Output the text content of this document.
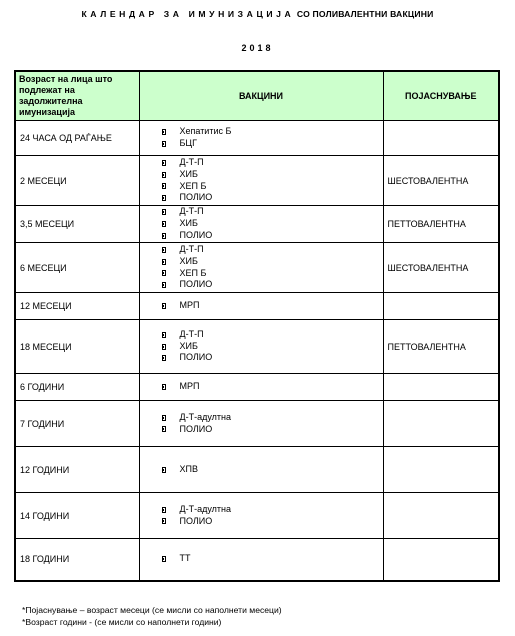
КАЛЕНДАР ЗА ИМУНИЗАЦИЈА СО ПОЛИВАЛЕНТНИ ВАКЦИНИ
2018
Возраст на лица што подлежат на задолжителна имунизација	ВАКЦИНИ	ПОЈАСНУВАЊЕ
24 ЧАСА ОД РАЃАЊЕ	Хепатитис Б
БЦГ	

2 МЕСЕЦИ	Д-Т-П
ХИБ
ХЕП Б
ПОЛИО	ШЕСТОВАЛЕНТНА
3,5 МЕСЕЦИ	Д-Т-П
ХИБ
ПОЛИО	ПЕТТОВАЛЕНТНА
6 МЕСЕЦИ	Д-Т-П
ХИБ
ХЕП Б
ПОЛИО	ШЕСТОВАЛЕНТНА
12 МЕСЕЦИ	МРП	

18 МЕСЕЦИ	Д-Т-П
ХИБ
ПОЛИО	ПЕТТОВАЛЕНТНА
6 ГОДИНИ	МРП	

7 ГОДИНИ	Д-Т-адултна
ПОЛИО	

12 ГОДИНИ	ХПВ	

14 ГОДИНИ	Д-Т-адултна
ПОЛИО	

18 ГОДИНИ	ТТ	

*Појаснување – возраст месеци (се мисли со наполнети месеци)
*Возраст години - (се мисли со наполнети години)
